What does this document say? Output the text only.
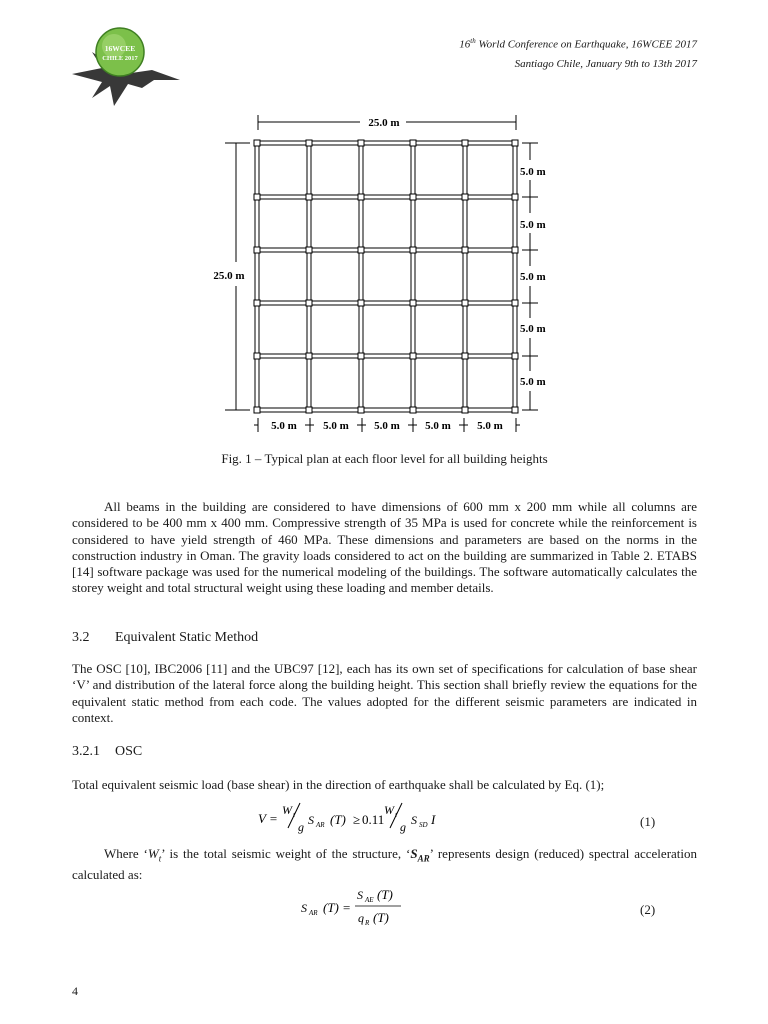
16WCEE
CHILE 2017
16th World Conference on Earthquake, 16WCEE 2017
Santiago Chile, January 9th to 13th 2017
25.0 m
25.0 m
5.0 m
5.0 m
5.0 m
5.0 m
5.0 m
5.0 m 5.0 m 5.0 m 5.0 m 5.0 m
Fig. 1 – Typical plan at each floor level for all building heights
All beams in the building are considered to have dimensions of 600 mm x 200 mm while all columns are considered to be 400 mm x 400 mm. Compressive strength of 35 MPa is used for concrete while the reinforcement is considered to have yield strength of 460 MPa. These dimensions and parameters are based on the norms in the construction industry in Oman. The gravity loads considered to act on the building are summarized in Table 2. ETABS [14] software package was used for the numerical modeling of the buildings. The software automatically calculates the storey weight and total structural weight using these loading and member details.
3.2 Equivalent Static Method
The OSC [10], IBC2006 [11] and the UBC97 [12], each has its own set of specifications for calculation of base shear ‘V’ and distribution of the lateral force along the building height. This section shall briefly review the equations for the equivalent static method from each code. The values adopted for the different seismic parameters are indicated in context.
3.2.1 OSC
Total equivalent seismic load (base shear) in the direction of earthquake shall be calculated by Eq. (1);
V =
W
g S AR (T) ≥ 0.11
W
g S SD I	(1)
Where ‘$W_t$’ is the total seismic weight of the structure, ‘$S_{AR}$’ represents design (reduced) spectral acceleration calculated as:
S AR (T) =
S AE (T)
q R (T)
(2)
4
